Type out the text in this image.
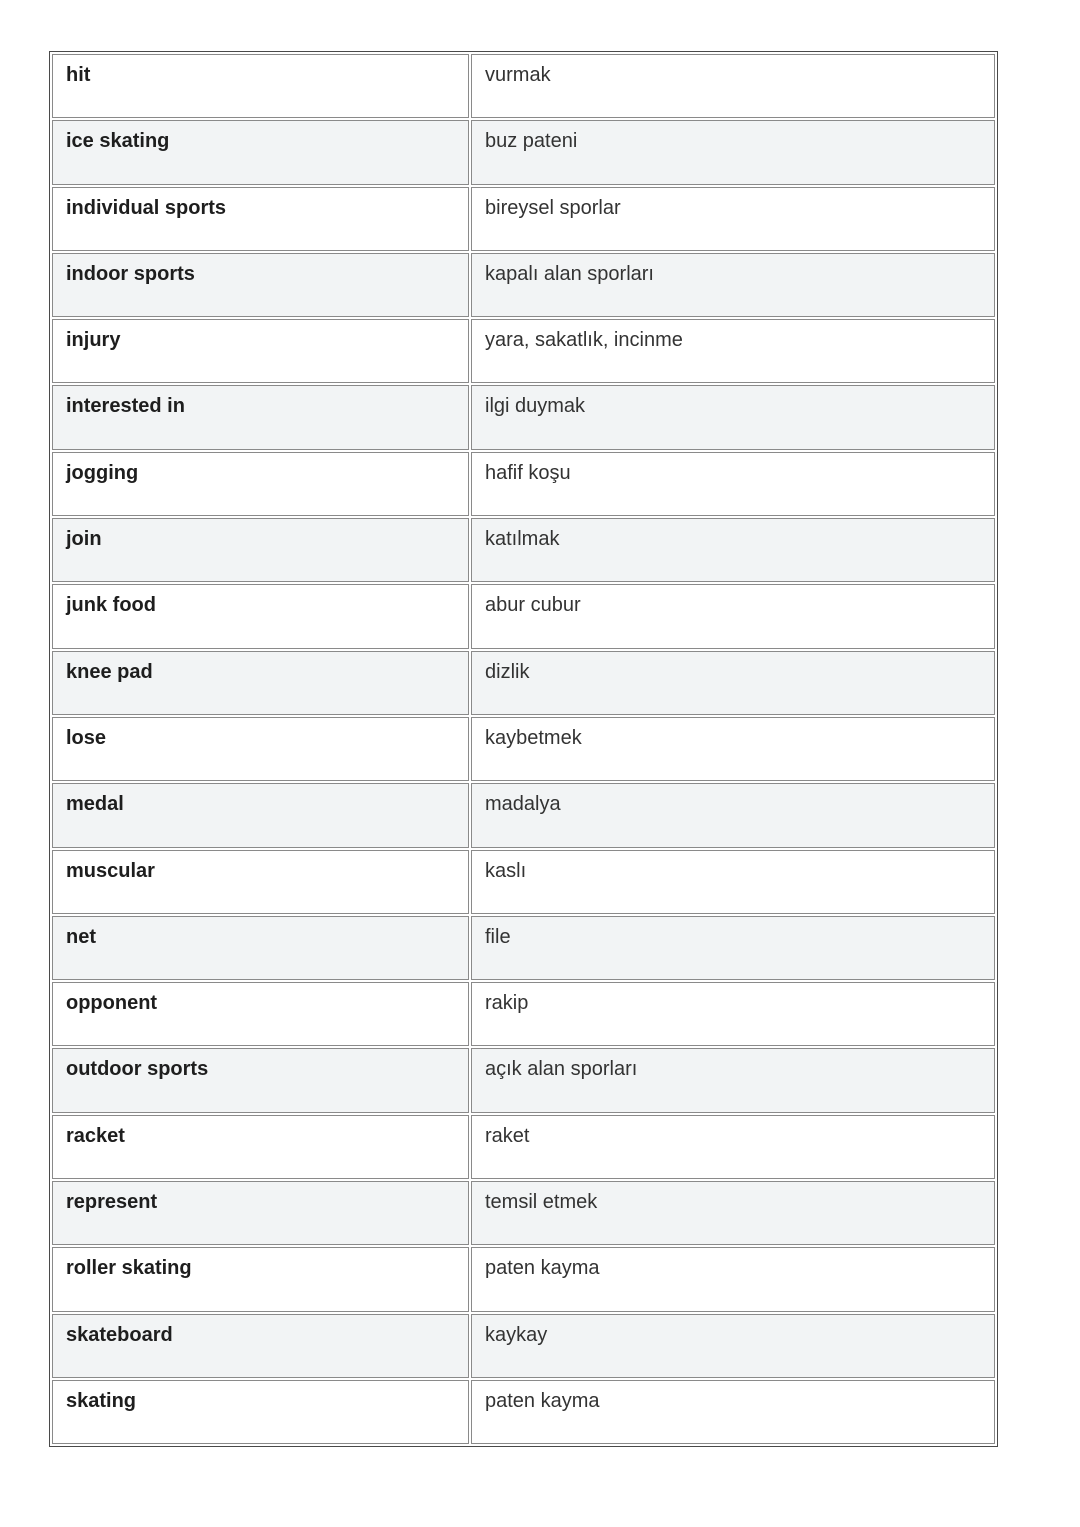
hit	vurmak
ice skating	buz pateni
individual sports	bireysel sporlar
indoor sports	kapalı alan sporları
injury	yara, sakatlık, incinme
interested in	ilgi duymak
jogging	hafif koşu
join	katılmak
junk food	abur cubur
knee pad	dizlik
lose	kaybetmek
medal	madalya
muscular	kaslı
net	file
opponent	rakip
outdoor sports	açık alan sporları
racket	raket
represent	temsil etmek
roller skating	paten kayma
skateboard	kaykay
skating	paten kayma
